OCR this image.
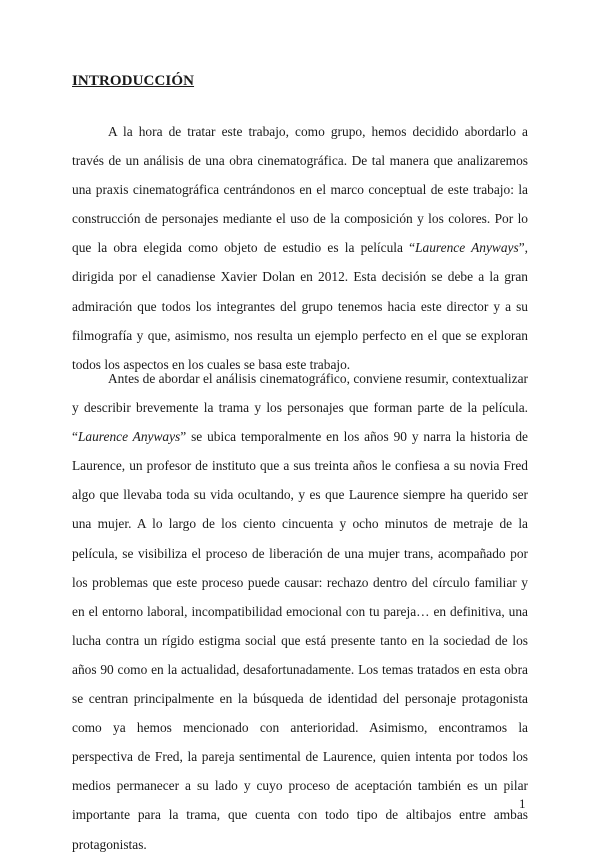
INTRODUCCIÓN

A la hora de tratar este trabajo, como grupo, hemos decidido abordarlo a través de un análisis de una obra cinematográfica. De tal manera que analizaremos una praxis cinematográfica centrándonos en el marco conceptual de este trabajo: la construcción de personajes mediante el uso de la composición y los colores. Por lo que la obra elegida como objeto de estudio es la película “Laurence Anyways”, dirigida por el canadiense Xavier Dolan en 2012. Esta decisión se debe a la gran admiración que todos los integrantes del grupo tenemos hacia este director y a su filmografía y que, asimismo, nos resulta un ejemplo perfecto en el que se exploran todos los aspectos en los cuales se basa este trabajo.

Antes de abordar el análisis cinematográfico, conviene resumir, contextualizar y describir brevemente la trama y los personajes que forman parte de la película. “Laurence Anyways” se ubica temporalmente en los años 90 y narra la historia de Laurence, un profesor de instituto que a sus treinta años le confiesa a su novia Fred algo que llevaba toda su vida ocultando, y es que Laurence siempre ha querido ser una mujer. A lo largo de los ciento cincuenta y ocho minutos de metraje de la película, se visibiliza el proceso de liberación de una mujer trans, acompañado por los problemas que este proceso puede causar: rechazo dentro del círculo familiar y en el entorno laboral, incompatibilidad emocional con tu pareja… en definitiva, una lucha contra un rígido estigma social que está presente tanto en la sociedad de los años 90 como en la actualidad, desafortunadamente. Los temas tratados en esta obra se centran principalmente en la búsqueda de identidad del personaje protagonista como ya hemos mencionado con anterioridad. Asimismo, encontramos la perspectiva de Fred, la pareja sentimental de Laurence, quien intenta por todos los medios permanecer a su lado y cuyo proceso de aceptación también es un pilar importante para la trama, que cuenta con todo tipo de altibajos entre ambas protagonistas.

1
